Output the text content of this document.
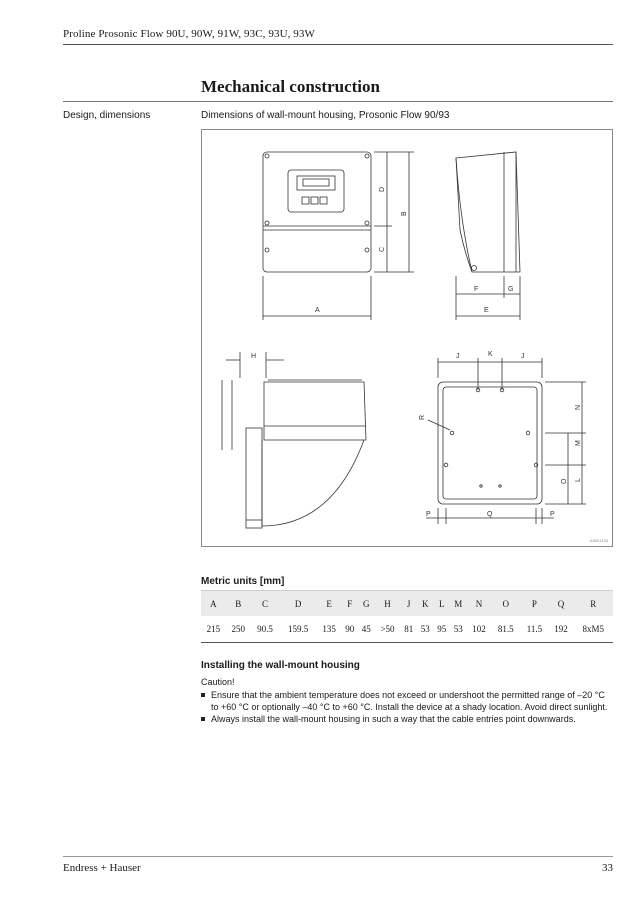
Proline Prosonic Flow 90U, 90W, 91W, 93C, 93U, 93W
Mechanical construction
Design, dimensions	Dimensions of wall-mount housing, Prosonic Flow 90/93
A
B
C
D
E
F	G
H	J	K	J
N
M
O L
R
P	Q	P
A0001133
Metric units [mm]
A	B	C	D	E	F	G	H	J	K	L	M	N	O	P	Q	R
215	250	90.5	159.5	135	90	45	>50	81	53	95	53	102	81.5	11.5	192	8xM5
Installing the wall-mount housing
Caution!
Ensure that the ambient temperature does not exceed or undershoot the permitted range of –20 °C to +60 °C or optionally –40 °C to +60 °C. Install the device at a shady location. Avoid direct sunlight.
Always install the wall-mount housing in such a way that the cable entries point downwards.
Endress + Hauser	33
